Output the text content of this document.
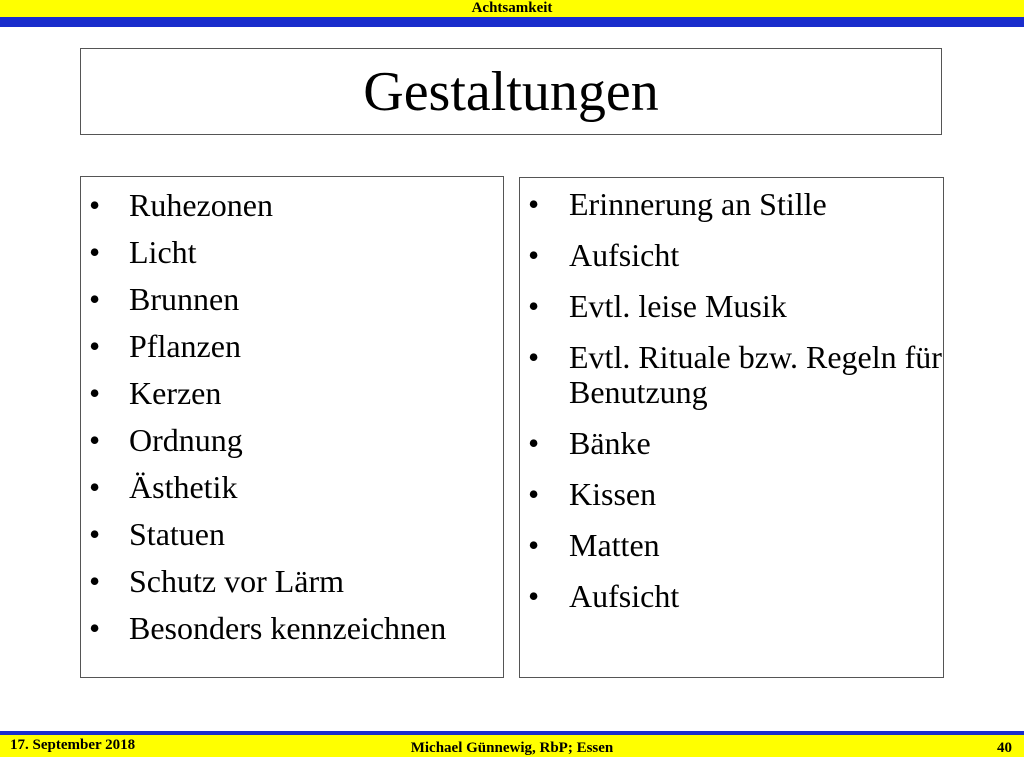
Achtsamkeit
Gestaltungen
• Ruhezonen
• Licht
• Brunnen
• Pflanzen
• Kerzen
• Ordnung
• Ästhetik
• Statuen
• Schutz vor Lärm
• Besonders kennzeichnen
• Erinnerung an Stille
• Aufsicht
• Evtl. leise Musik
• Evtl. Rituale bzw. Regeln für Benutzung
• Bänke
• Kissen
• Matten
• Aufsicht
17. September 2018	Michael Günnewig, RbP; Essen	40
